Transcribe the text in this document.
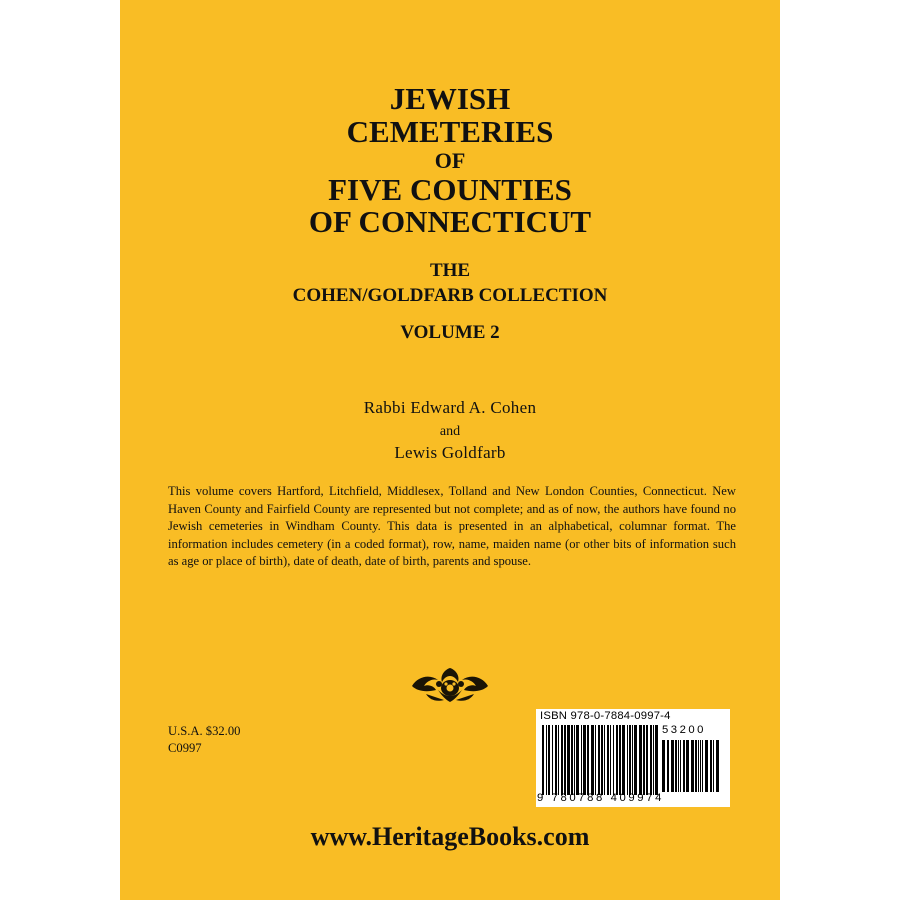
JEWISH
CEMETERIES
OF
FIVE COUNTIES
OF CONNECTICUT
THE
COHEN/GOLDFARB COLLECTION
VOLUME 2
Rabbi Edward A. Cohen
and
Lewis Goldfarb
This volume covers Hartford, Litchfield, Middlesex, Tolland and New London Counties, Connecticut. New Haven County and Fairfield County are represented but not complete; and as of now, the authors have found no Jewish cemeteries in Windham County. This data is presented in an alphabetical, columnar format. The information includes cemetery (in a coded format), row, name, maiden name (or other bits of information such as age or place of birth), date of death, date of birth, parents and spouse.
U.S.A. $32.00
C0997
ISBN 978-0-7884-0997-4
53200
9 780788 409974
www.HeritageBooks.com
